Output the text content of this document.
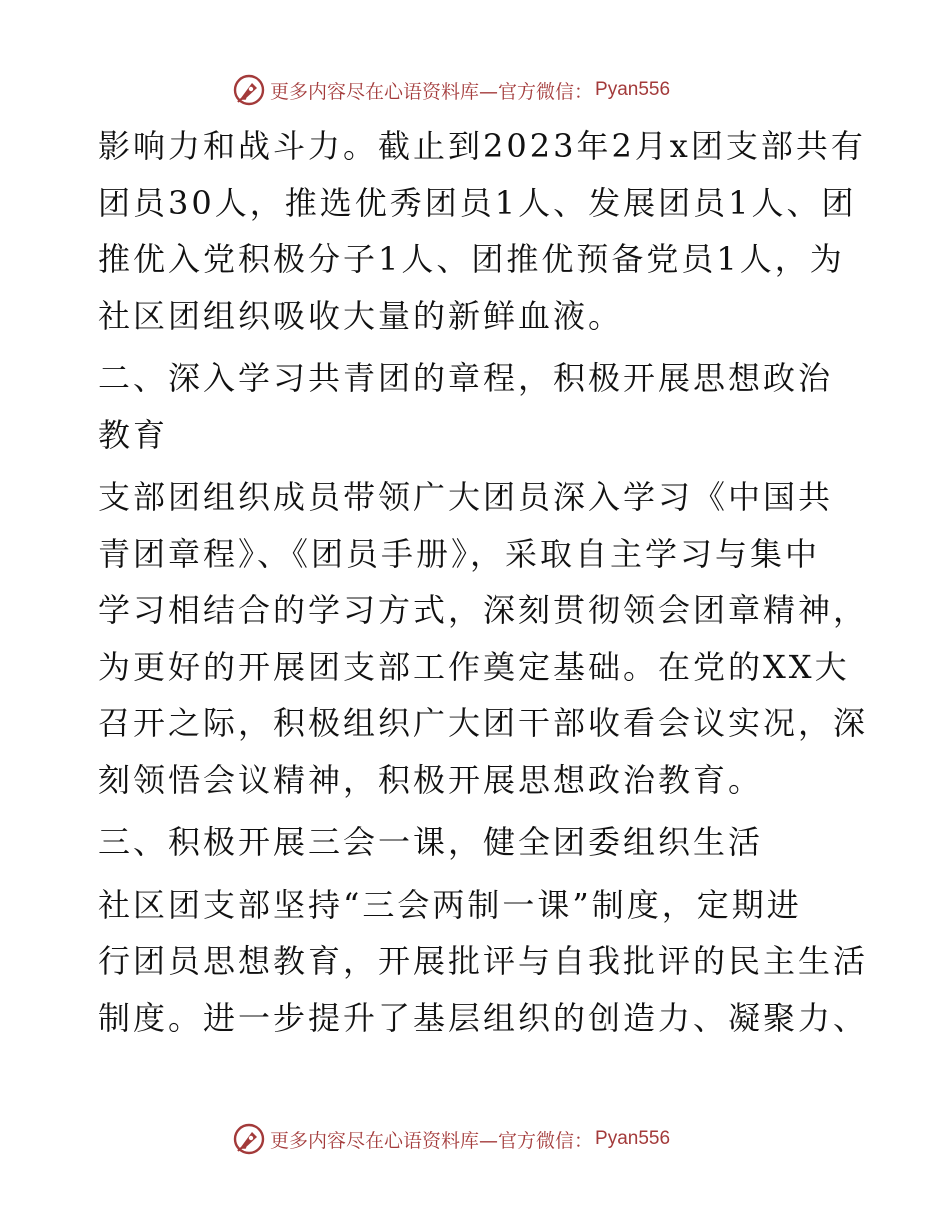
更多内容尽在心语资料库—官方微信： Pyan556

影响力和战斗力。截止到2023年2月x团支部共有
团员30人，推选优秀团员1人、发展团员1人、团
推优入党积极分子1人、团推优预备党员1人，为
社区团组织吸收大量的新鲜血液。

二、深入学习共青团的章程，积极开展思想政治
教育

支部团组织成员带领广大团员深入学习《中国共
青团章程》、《团员手册》，采取自主学习与集中
学习相结合的学习方式，深刻贯彻领会团章精神，
为更好的开展团支部工作奠定基础。在党的XX大
召开之际，积极组织广大团干部收看会议实况，深
刻领悟会议精神，积极开展思想政治教育。

三、积极开展三会一课，健全团委组织生活

社区团支部坚持“三会两制一课”制度，定期进
行团员思想教育，开展批评与自我批评的民主生活
制度。进一步提升了基层组织的创造力、凝聚力、

更多内容尽在心语资料库—官方微信： Pyan556
